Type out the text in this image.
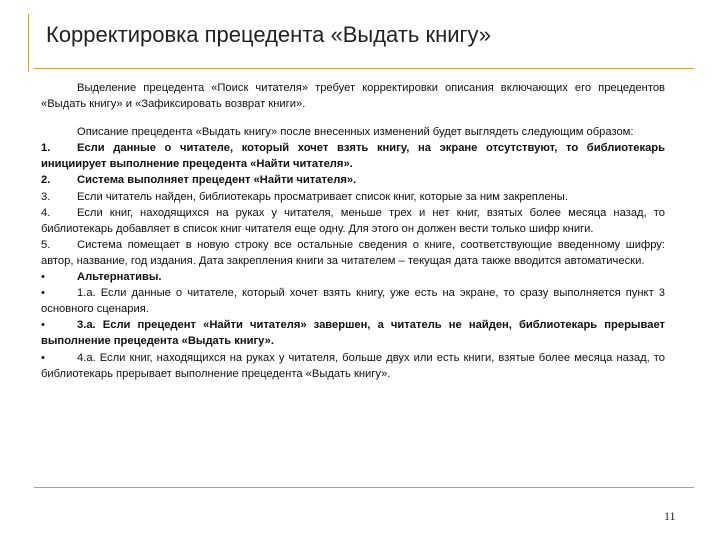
Корректировка прецедента «Выдать книгу»

Выделение прецедента «Поиск читателя» требует корректировки описания включающих его прецедентов «Выдать книгу» и «Зафиксировать возврат книги».

Описание прецедента «Выдать книгу» после внесенных изменений будет выглядеть следующим образом:

1. Если данные о читателе, который хочет взять книгу, на экране отсутствуют, то библиотекарь инициирует выполнение прецедента «Найти читателя».
2. Система выполняет прецедент «Найти читателя».
3. Если читатель найден, библиотекарь просматривает список книг, которые за ним закреплены.
4. Если книг, находящихся на руках у читателя, меньше трех и нет книг, взятых более месяца назад, то библиотекарь добавляет в список книг читателя еще одну. Для этого он должен вести только шифр книги.
5. Система помещает в новую строку все остальные сведения о книге, соответствующие введенному шифру: автор, название, год издания. Дата закрепления книги за читателем – текущая дата также вводится автоматически.
•	Альтернативы.
•	1.а. Если данные о читателе, который хочет взять книгу, уже есть на экране, то сразу выполняется пункт 3 основного сценария.
•	3.а. Если прецедент «Найти читателя» завершен, а читатель не найден, библиотекарь прерывает выполнение прецедента «Выдать книгу».
•	4.а. Если книг, находящихся на руках у читателя, больше двух или есть книги, взятые более месяца назад, то библиотекарь прерывает выполнение прецедента «Выдать книгу».
11
